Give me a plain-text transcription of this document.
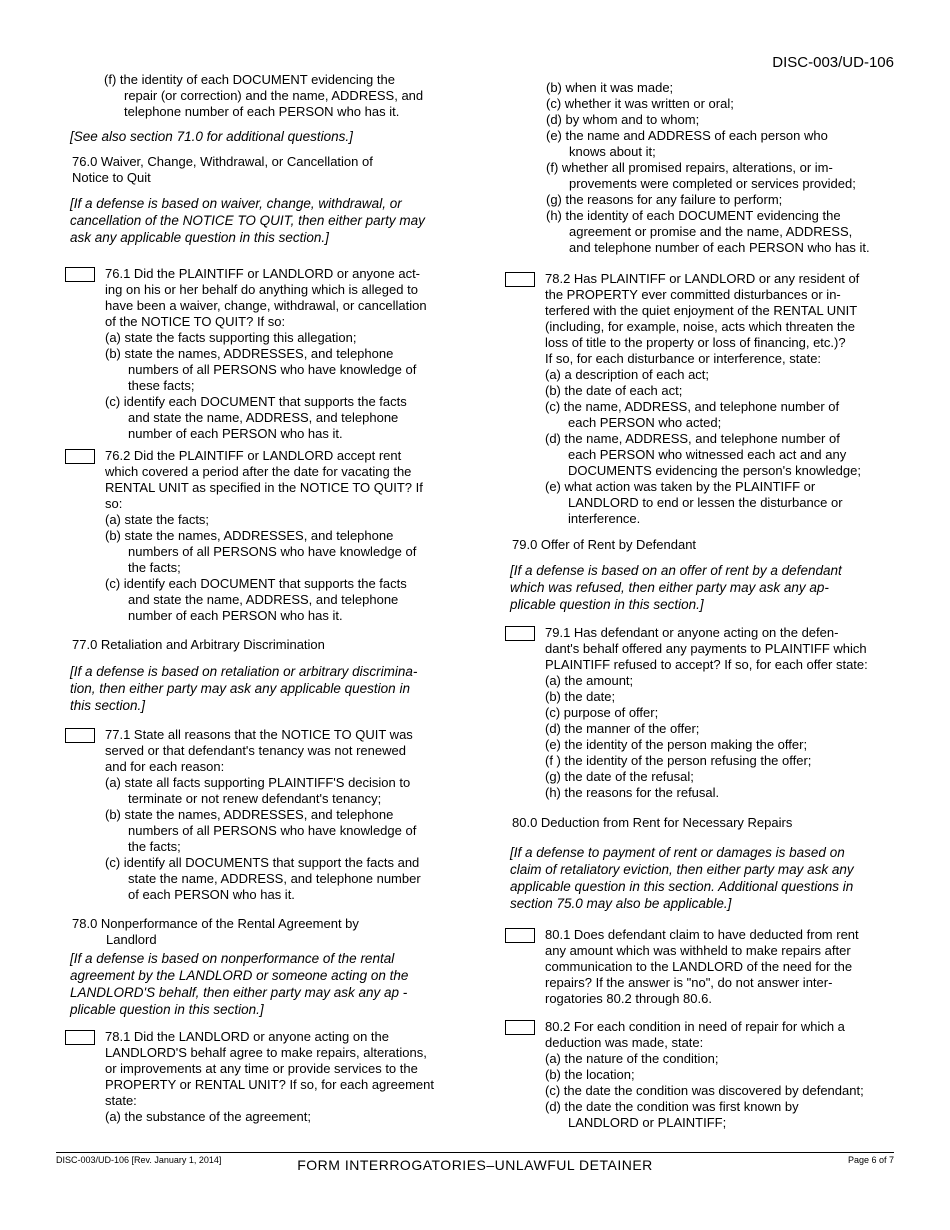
DISC-003/UD-106
(f) the identity of each DOCUMENT evidencing the
repair (or correction) and the name, ADDRESS, and
telephone number of each PERSON who has it.

[See also section 71.0 for additional questions.]

76.0 Waiver, Change, Withdrawal, or Cancellation of
Notice to Quit

[If a defense is based on waiver, change, withdrawal, or
cancellation of the NOTICE TO QUIT, then either party may
ask any applicable question in this section.]

76.1 Did the PLAINTIFF or LANDLORD or anyone act-
ing on his or her behalf do anything which is alleged to
have been a waiver, change, withdrawal, or cancellation
of the NOTICE TO QUIT? If so:
(a) state the facts supporting this allegation;
(b) state the names, ADDRESSES, and telephone
numbers of all PERSONS who have knowledge of
these facts;
(c) identify each DOCUMENT that supports the facts
and state the name, ADDRESS, and telephone
number of each PERSON who has it.
76.2 Did the PLAINTIFF or LANDLORD accept rent
which covered a period after the date for vacating the
RENTAL UNIT as specified in the NOTICE TO QUIT? If
so:
(a) state the facts;
(b) state the names, ADDRESSES, and telephone
numbers of all PERSONS who have knowledge of
the facts;
(c) identify each DOCUMENT that supports the facts
and state the name, ADDRESS, and telephone
number of each PERSON who has it.

77.0 Retaliation and Arbitrary Discrimination

[If a defense is based on retaliation or arbitrary discrimina-
tion, then either party may ask any applicable question in
this section.]

77.1 State all reasons that the NOTICE TO QUIT was
served or that defendant's tenancy was not renewed
and for each reason:
(a) state all facts supporting PLAINTIFF'S decision to
terminate or not renew defendant's tenancy;
(b) state the names, ADDRESSES, and telephone
numbers of all PERSONS who have knowledge of
the facts;
(c) identify all DOCUMENTS that support the facts and
state the name, ADDRESS, and telephone number
of each PERSON who has it.

78.0 Nonperformance of the Rental Agreement by
Landlord

[If a defense is based on nonperformance of the rental
agreement by the LANDLORD or someone acting on the
LANDLORD'S behalf, then either party may ask any ap -
plicable question in this section.]

78.1 Did the LANDLORD or anyone acting on the
LANDLORD'S behalf agree to make repairs, alterations,
or improvements at any time or provide services to the
PROPERTY or RENTAL UNIT? If so, for each agreement
state:
(a) the substance of the agreement;
(b) when it was made;
(c) whether it was written or oral;
(d) by whom and to whom;
(e) the name and ADDRESS of each person who
knows about it;
(f) whether all promised repairs, alterations, or im-
provements were completed or services provided;
(g) the reasons for any failure to perform;
(h) the identity of each DOCUMENT evidencing the
agreement or promise and the name, ADDRESS,
and telephone number of each PERSON who has it.
78.2 Has PLAINTIFF or LANDLORD or any resident of
the PROPERTY ever committed disturbances or in-
terfered with the quiet enjoyment of the RENTAL UNIT
(including, for example, noise, acts which threaten the
loss of title to the property or loss of financing, etc.)?
If so, for each disturbance or interference, state:
(a) a description of each act;
(b) the date of each act;
(c) the name, ADDRESS, and telephone number of
each PERSON who acted;
(d) the name, ADDRESS, and telephone number of
each PERSON who witnessed each act and any
DOCUMENTS evidencing the person's knowledge;
(e) what action was taken by the PLAINTIFF or
LANDLORD to end or lessen the disturbance or
interference.

79.0 Offer of Rent by Defendant

[If a defense is based on an offer of rent by a defendant
which was refused, then either party may ask any ap-
plicable question in this section.]

79.1 Has defendant or anyone acting on the defen-
dant's behalf offered any payments to PLAINTIFF which
PLAINTIFF refused to accept? If so, for each offer state:
(a) the amount;
(b) the date;
(c) purpose of offer;
(d) the manner of the offer;
(e) the identity of the person making the offer;
(f ) the identity of the person refusing the offer;
(g) the date of the refusal;
(h) the reasons for the refusal.

80.0 Deduction from Rent for Necessary Repairs

[If a defense to payment of rent or damages is based on
claim of retaliatory eviction, then either party may ask any
applicable question in this section. Additional questions in
section 75.0 may also be applicable.]

80.1 Does defendant claim to have deducted from rent
any amount which was withheld to make repairs after
communication to the LANDLORD of the need for the
repairs? If the answer is "no", do not answer inter-
rogatories 80.2 through 80.6.
80.2 For each condition in need of repair for which a
deduction was made, state:
(a) the nature of the condition;
(b) the location;
(c) the date the condition was discovered by defendant;
(d) the date the condition was first known by
LANDLORD or PLAINTIFF;
DISC-003/UD-106 [Rev. January 1, 2014]	FORM INTERROGATORIES–UNLAWFUL DETAINER	Page 6 of 7
